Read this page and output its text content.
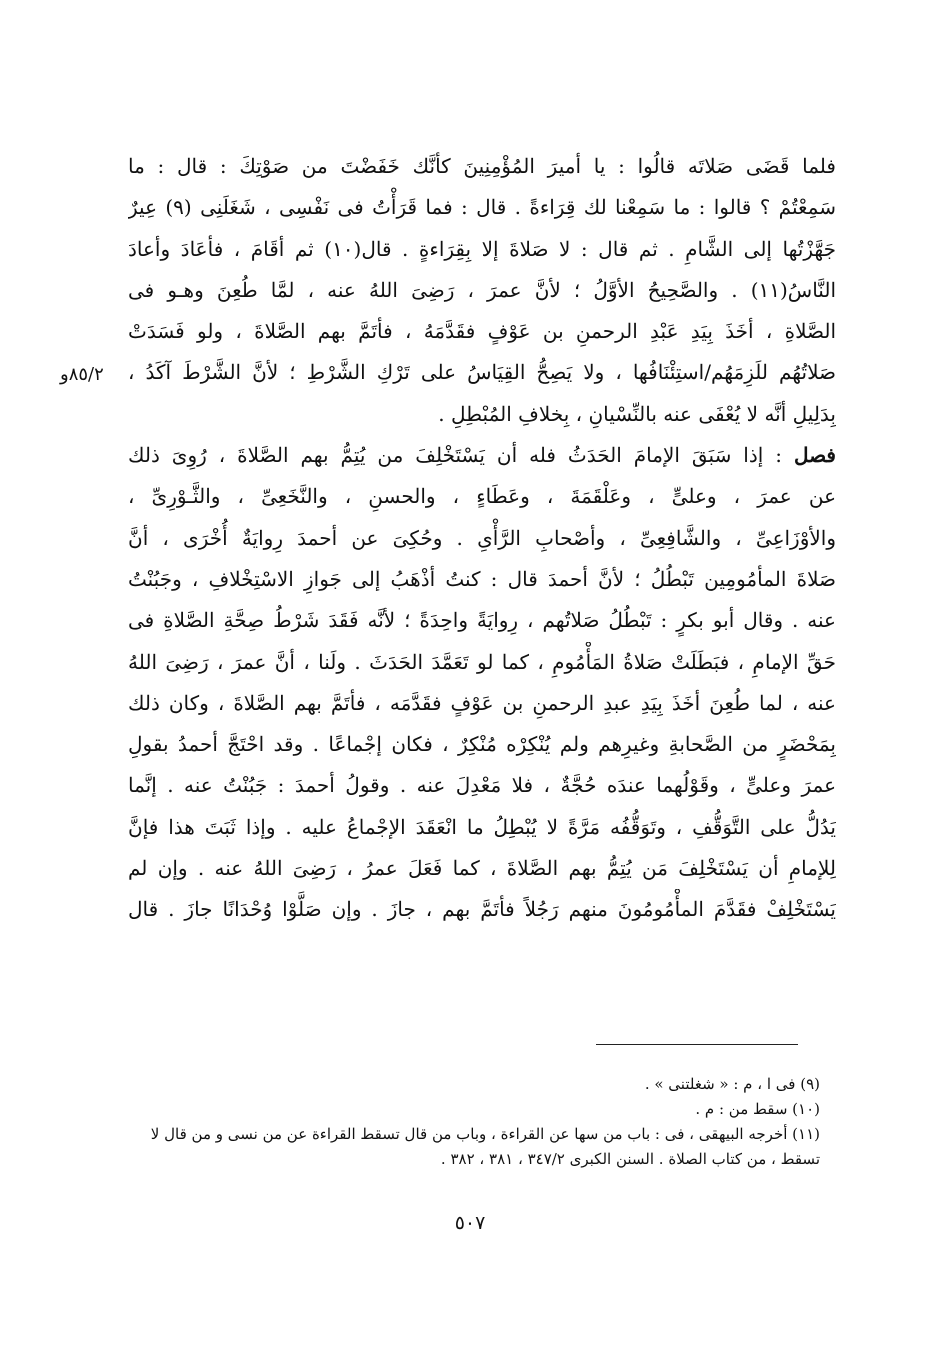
٨٥/٢و
فلما قَضَى صَلاتَه قالُوا : يا أميرَ المُؤْمِنِينَ كأنَّك خَفَضْتَ من صَوْتِكَ : قال : ما
سَمِعْتُمْ ؟ قالوا : ما سَمِعْنا لك قِرَاءةً . قال : فما قَرَأْتُ فى نَفْسِى ، شَغَلَنِى (٩) عِيرٌ
جَهَّزْتُها إلى الشَّامِ . ثم قال : لا صَلاةَ إلا بِقِرَاءةٍ . قال(١٠) ثم أقَامَ ، فأعَادَ وأعادَ
النَّاسُ(١١) . والصَّحِيحُ الأوَّلُ ؛ لأنَّ عمرَ ، رَضِىَ اللهُ عنه ، لمَّا طُعِنَ وهـو فى
الصَّلاةِ ، أخَذَ بِيَدِ عَبْدِ الرحمنِ بن عَوْفٍ فقَدَّمَهُ ، فأتَمَّ بهم الصَّلاةَ ، ولو فَسَدَتْ
صَلاتُهُم للَزِمَهُم/استِئْنَافُها ، ولا يَصِحُّ القِيَاسُ على تَرْكِ الشَّرْطِ ؛ لأنَّ الشَّرْطَ آكَدُ ،
بِدَلِيلِ أنَّه لا يُعْفَى عنه بالنِّسْيانِ ، بِخلافِ المُبْطِلِ .
فصل : إذا سَبَقَ الإمامَ الحَدَثُ فله أن يَسْتَخْلِفَ من يُتِمُّ بهم الصَّلاةَ ، رُوِىَ ذلك
عن عمرَ ، وعلىٍّ ، وعَلْقَمَةَ ، وعَطَاءٍ ، والحسنِ ، والنَّخَعِىِّ ، والثَّـوْرِىِّ ،
والأوْزَاعِىِّ ، والشَّافِعِىِّ ، وأصْحابِ الرَّأْىِ . وحُكِىَ عن أحمدَ رِوايَةٌ أُخْرَى ، أنَّ
صَلاةَ المأمُومِين تَبْطُلُ ؛ لأنَّ أحمدَ قال : كنتُ أذْهَبُ إلى جَوازِ الاسْتِخْلافِ ، وجَبُنْتُ
عنه . وقال أبو بكرٍ : تَبْطُلُ صَلاتُهم ، رِوايَةً واحِدَةً ؛ لأنَّه فَقَدَ شَرْطُ صِحَّةِ الصَّلاةِ فى
حَقِّ الإمامِ ، فبَطَلَتْ صَلاةُ المَأْمُومِ ، كما لو تَعَمَّدَ الحَدَثَ . ولَنا ، أنَّ عمرَ ، رَضِىَ اللهُ
عنه ، لما طُعِنَ أخَذَ بِيَدِ عبدِ الرحمنِ بن عَوْفٍ فقَدَّمَه ، فأتَمَّ بهم الصَّلاةَ ، وكان ذلك
بِمَحْضَرٍ من الصَّحابةِ وغيرِهم ولم يُنْكِرْه مُنْكِرٌ ، فكان إجْماعًا . وقد احْتَجَّ أحمدُ بقولِ
عمرَ وعلىٍّ ، وقَوْلُهما عندَه حُجَّةٌ ، فلا مَعْدِلَ عنه . وقولُ أحمدَ : جَبُنْتُ عنه . إنَّما
يَدُلُّ على التَّوَقُّفِ ، وتَوَقُّفُه مَرَّةً لا يُبْطِلُ ما انْعَقَدَ الإجْماعُ عليه . وإذا ثَبَتَ هذا فإنَّ
لِلإمامِ أن يَسْتَخْلِفَ مَن يُتِمُّ بهم الصَّلاةَ ، كما فَعَلَ عمرُ ، رَضِىَ اللهُ عنه . وإن لم
يَسْتَخْلِفْ فقَدَّمَ المأْمُومُونَ منهم رَجُلاً فأتَمَّ بهم ، جازَ . وإن صَلَّوْا وُحْدَانًا جازَ . قال
(٩) فى ا ، م : « شغلتنى » .
(١٠) سقط من : م .
(١١) أخرجه البيهقى ، فى : باب من سها عن القراءة ، وباب من قال تسقط القراءة عن من نسى و من قال لا
تسقط ، من كتاب الصلاة . السنن الكبرى ٣٤٧/٢ ، ٣٨١ ، ٣٨٢ .
٥٠٧
